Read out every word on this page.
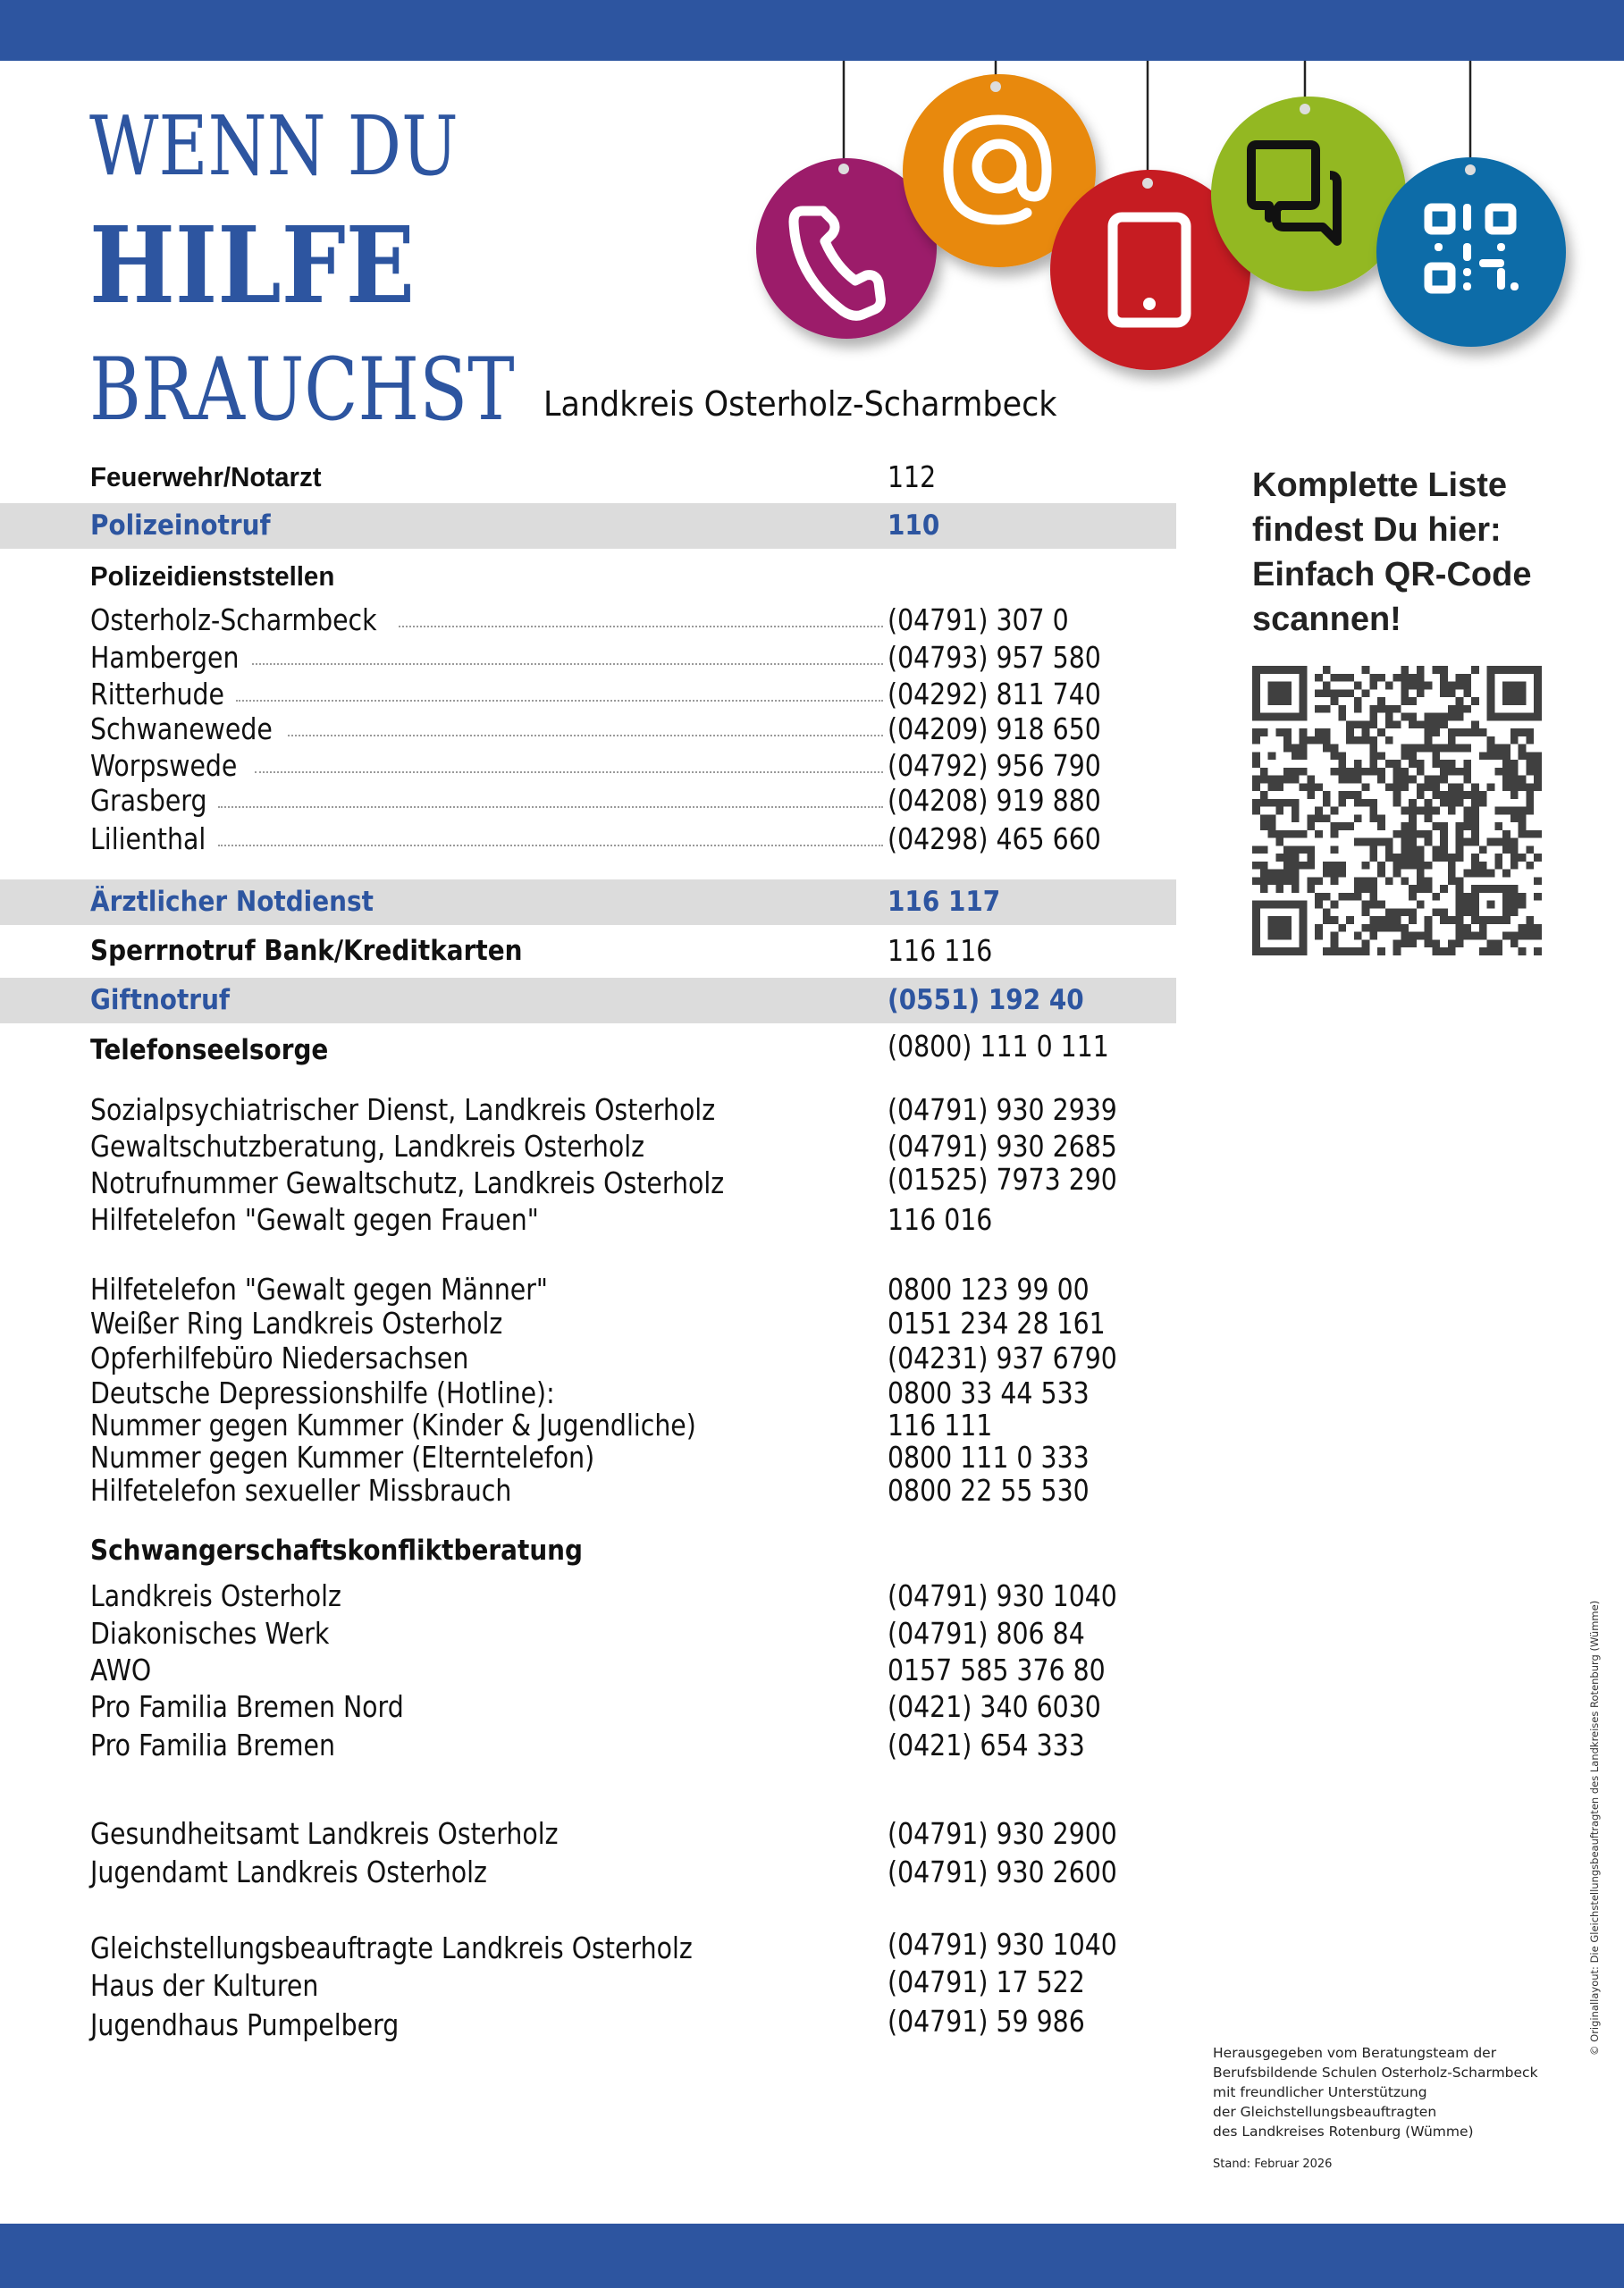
WENN DU
HILFE
BRAUCHST Landkreis Osterholz-Scharmbeck
Feuerwehr/Notarzt	112
Polizeinotruf	110
Polizeidienststellen
Osterholz-Scharmbeck	(04791) 307 0
Hambergen	(04793) 957 580
Ritterhude	(04292) 811 740
Schwanewede	(04209) 918 650
Worpswede	(04792) 956 790
Grasberg	(04208) 919 880
Lilienthal	(04298) 465 660
Ärztlicher Notdienst	116 117
Sperrnotruf Bank/Kreditkarten	116 116
Giftnotruf	(0551) 192 40
Telefonseelsorge	(0800) 111 0 111
Sozialpsychiatrischer Dienst, Landkreis Osterholz	(04791) 930 2939
Gewaltschutzberatung, Landkreis Osterholz	(04791) 930 2685
Notrufnummer Gewaltschutz, Landkreis Osterholz	(01525) 7973 290
Hilfetelefon "Gewalt gegen Frauen"	116 016
Hilfetelefon "Gewalt gegen Männer"	0800 123 99 00
Weißer Ring Landkreis Osterholz	0151 234 28 161
Opferhilfebüro Niedersachsen	(04231) 937 6790
Deutsche Depressionshilfe (Hotline):	0800 33 44 533
Nummer gegen Kummer (Kinder & Jugendliche)	116 111
Nummer gegen Kummer (Elterntelefon)	0800 111 0 333
Hilfetelefon sexueller Missbrauch	0800 22 55 530
Schwangerschaftskonfliktberatung
Landkreis Osterholz	(04791) 930 1040
Diakonisches Werk	(04791) 806 84
AWO	0157 585 376 80
Pro Familia Bremen Nord	(0421) 340 6030
Pro Familia Bremen	(0421) 654 333
Gesundheitsamt Landkreis Osterholz	(04791) 930 2900
Jugendamt Landkreis Osterholz	(04791) 930 2600
Gleichstellungsbeauftragte Landkreis Osterholz	(04791) 930 1040
Haus der Kulturen	(04791) 17 522
Jugendhaus Pumpelberg	(04791) 59 986
Komplette Liste
findest Du hier:
Einfach QR-Code
scannen!
Herausgegeben vom Beratungsteam der
Berufsbildende Schulen Osterholz-Scharmbeck
mit freundlicher Unterstützung
der Gleichstellungsbeauftragten
des Landkreises Rotenburg (Wümme)
Stand: Februar 2026
© Originallayout: Die Gleichstellungsbeauftragten des Landkreises Rotenburg (Wümme)
